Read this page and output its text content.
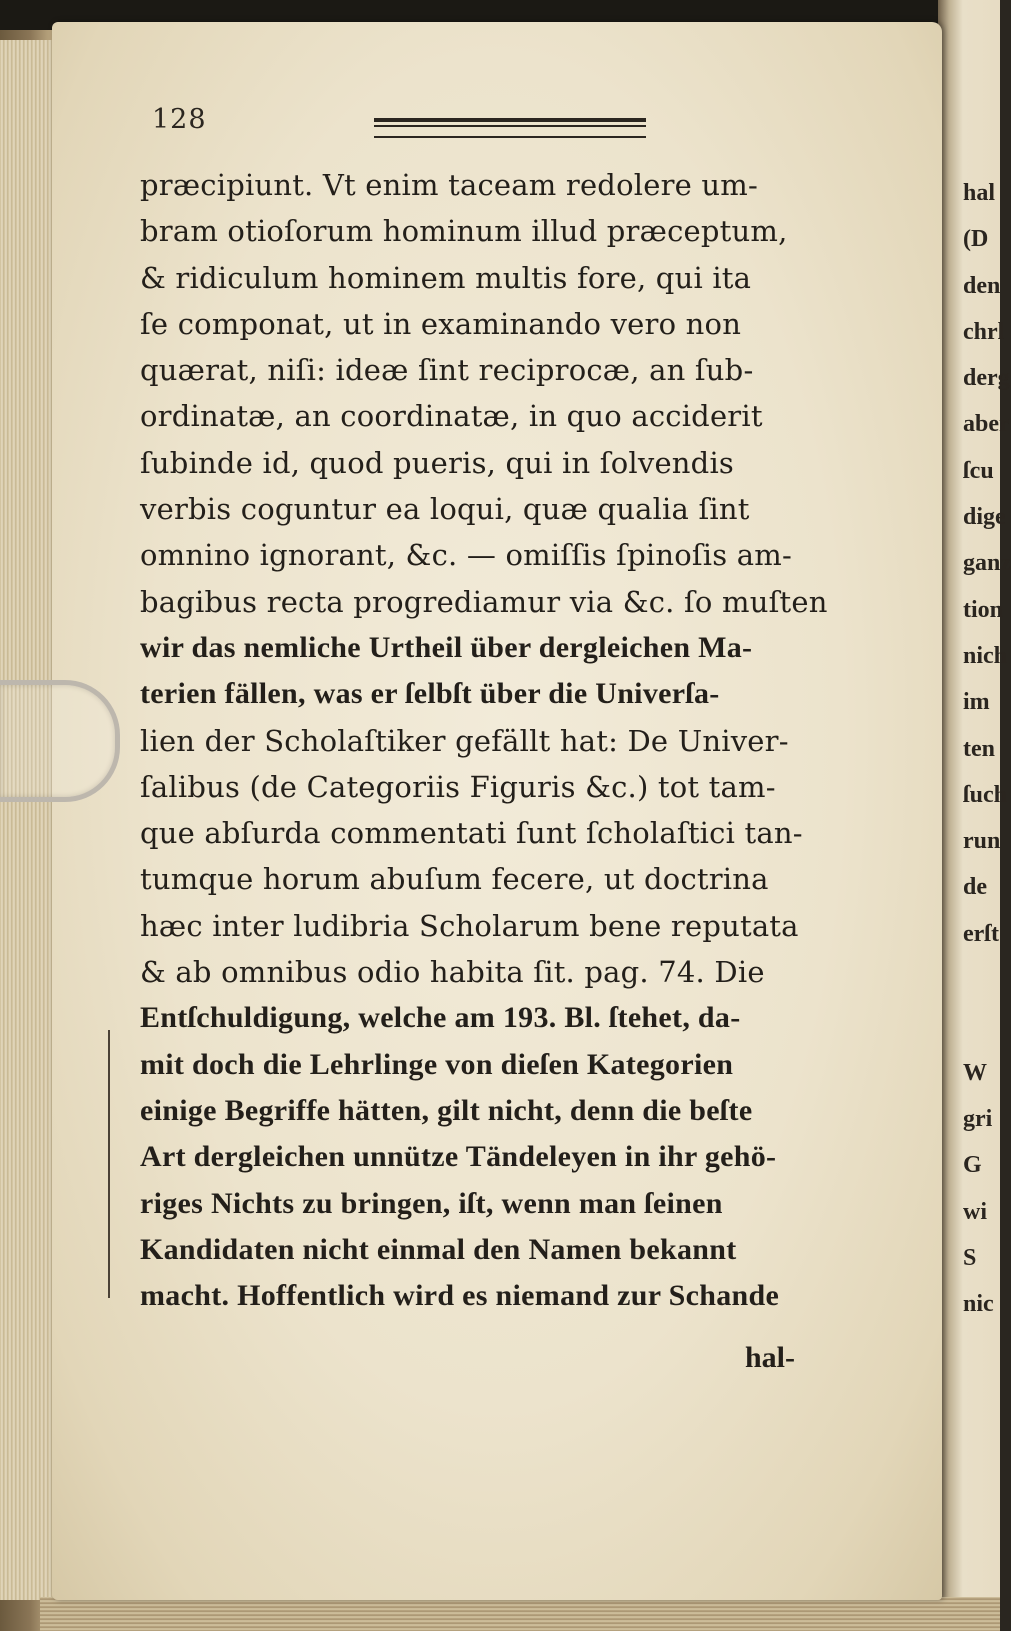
128
præcipiunt. Vt enim taceam redolere um-
bram otioſorum hominum illud præceptum,
& ridiculum hominem multis fore, qui ita
ſe componat, ut in examinando vero non
quærat, niſi: ideæ ſint reciprocæ, an ſub-
ordinatæ, an coordinatæ, in quo acciderit
ſubinde id, quod pueris, qui in ſolvendis
verbis coguntur ea loqui, quæ qualia ſint
omnino ignorant, &c. — omiſſis ſpinoſis am-
bagibus recta progrediamur via &c. ſo muſten
wir das nemliche Urtheil über dergleichen Ma-
terien fällen, was er ſelbſt über die Univerſa-
lien der Scholaſtiker gefällt hat: De Univer-
ſalibus (de Categoriis Figuris &c.) tot tam-
que abſurda commentati ſunt ſcholaſtici tan-
tumque horum abuſum fecere, ut doctrina
hæc inter ludibria Scholarum bene reputata
& ab omnibus odio habita ſit. pag. 74. Die
Entſchuldigung, welche am 193. Bl. ſtehet, da-
mit doch die Lehrlinge von dieſen Kategorien
einige Begriffe hätten, gilt nicht, denn die beſte
Art dergleichen unnütze Tändeleyen in ihr gehö-
riges Nichts zu bringen, iſt, wenn man ſeinen
Kandidaten nicht einmal den Namen bekannt
macht. Hoffentlich wird es niemand zur Schande
hal-
hal
(D
den
chrl
derg
aber
ſcu
dige
ganz
tion
nich
im
ten
ſuch
run
de
erſt
W
gri
G
wi
S
nic
